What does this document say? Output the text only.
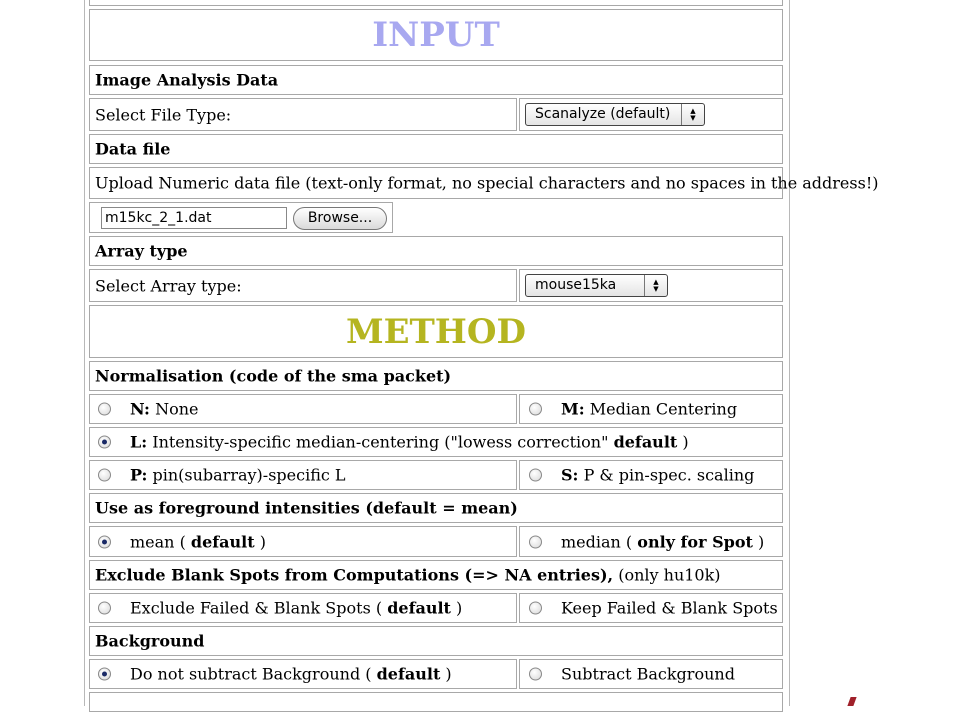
INPUT
Image Analysis Data
Select File Type:	Scanalyze (default)	▲
▼
Data file
Upload Numeric data file (text-only format, no special characters and no spaces in the address!)
m15kc_2_1.dat	Browse...
Array type
Select Array type:	mouse15ka	▲
▼
METHOD
Normalisation (code of the sma packet)
N: None	M: Median Centering
L: Intensity-specific median-centering ("lowess correction" default )
P: pin(subarray)-specific L	S: P & pin-spec. scaling
Use as foreground intensities (default = mean)
mean ( default )	median ( only for Spot )
Exclude Blank Spots from Computations (=> NA entries), (only hu10k)
Exclude Failed & Blank Spots ( default )	Keep Failed & Blank Spots
Background
Do not subtract Background ( default )	Subtract Background
